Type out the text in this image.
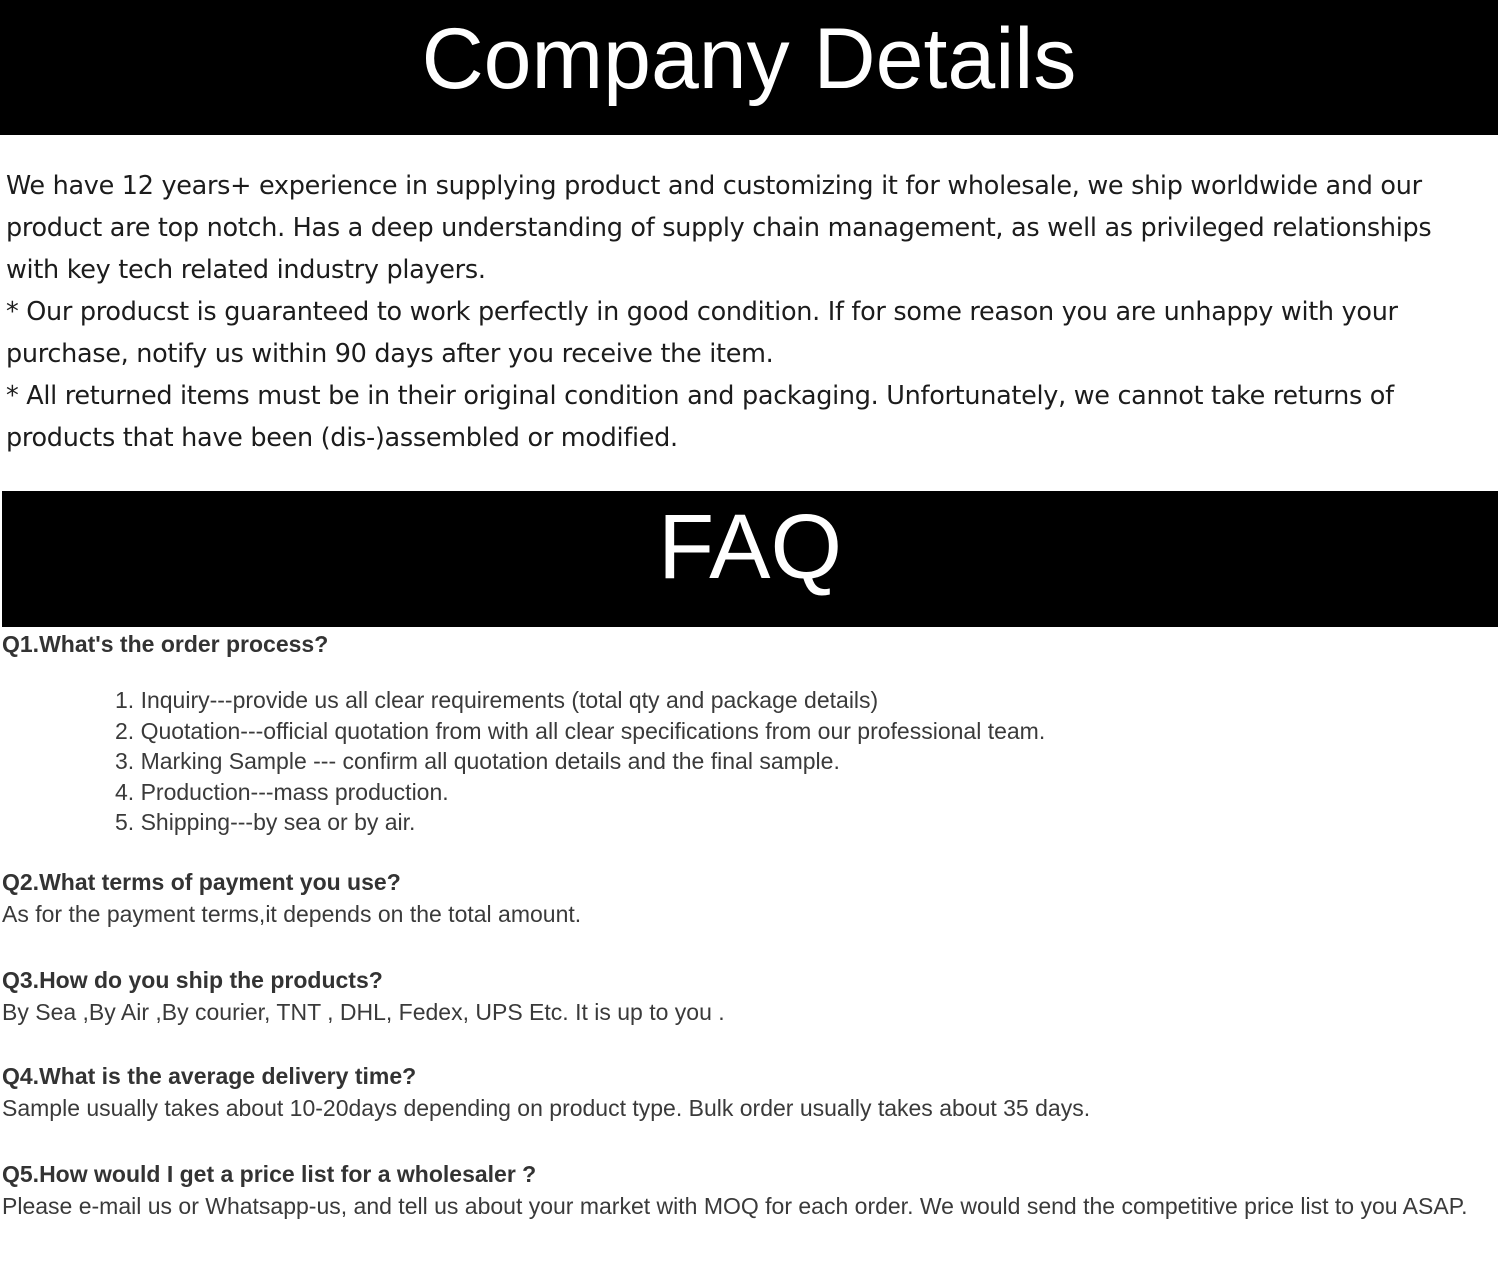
Company Details

We have 12 years+ experience in supplying product and customizing it for wholesale, we ship worldwide and our product are top notch. Has a deep understanding of supply chain management, as well as privileged relationships with key tech related industry players.

* Our producst is guaranteed to work perfectly in good condition. If for some reason you are unhappy with your purchase, notify us within 90 days after you receive the item.

* All returned items must be in their original condition and packaging. Unfortunately, we cannot take returns of products that have been (dis-)assembled or modified.

FAQ
Q1.What's the order process?
1. Inquiry---provide us all clear requirements (total qty and package details)
2. Quotation---official quotation from with all clear specifications from our professional team.
3. Marking Sample --- confirm all quotation details and the final sample.
4. Production---mass production.
5. Shipping---by sea or by air.
Q2.What terms of payment you use?
As for the payment terms,it depends on the total amount.
Q3.How do you ship the products?
By Sea ,By Air ,By courier, TNT , DHL, Fedex, UPS Etc. It is up to you .
Q4.What is the average delivery time?
Sample usually takes about 10-20days depending on product type. Bulk order usually takes about 35 days.
Q5.How would I get a price list for a wholesaler ?
Please e-mail us or Whatsapp-us, and tell us about your market with MOQ for each order. We would send the competitive price list to you ASAP.
